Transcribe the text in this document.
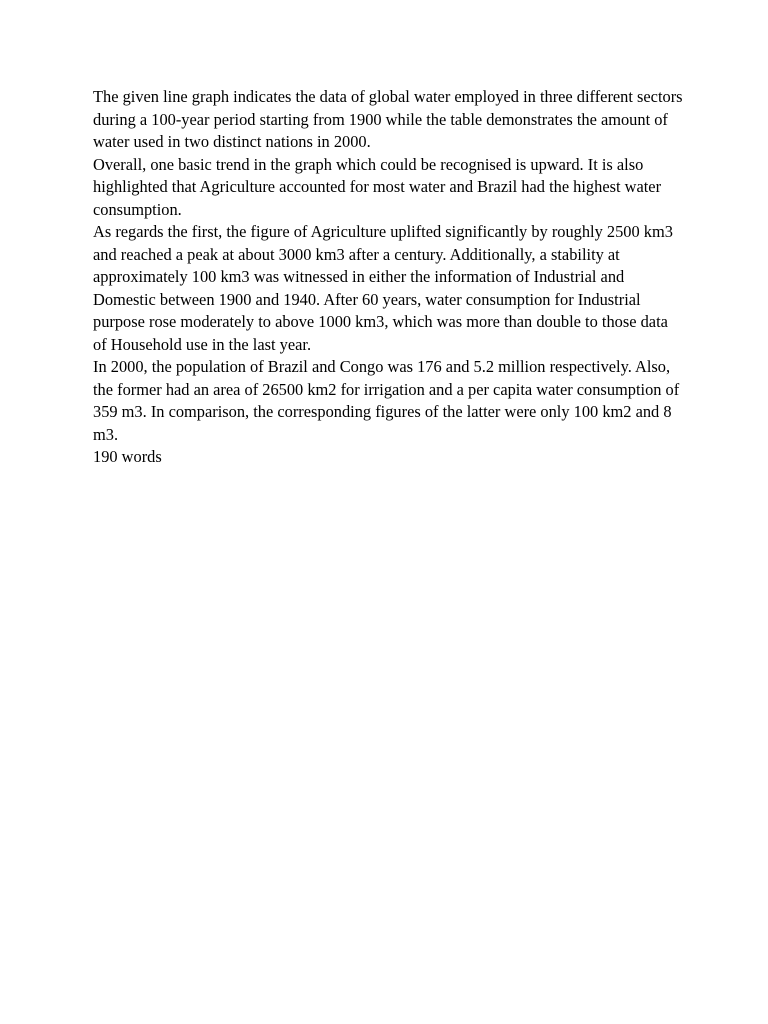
The given line graph indicates the data of global water employed in three different sectors during a 100-year period starting from 1900 while the table demonstrates the amount of water used in two distinct nations in 2000.

Overall, one basic trend in the graph which could be recognised is upward. It is also highlighted that Agriculture accounted for most water and Brazil had the highest water consumption.

As regards the first, the figure of Agriculture uplifted significantly by roughly 2500 km3 and reached a peak at about 3000 km3 after a century. Additionally, a stability at approximately 100 km3 was witnessed in either the information of Industrial and Domestic between 1900 and 1940. After 60 years, water consumption for Industrial purpose rose moderately to above 1000 km3, which was more than double to those data of Household use in the last year.

In 2000, the population of Brazil and Congo was 176 and 5.2 million respectively. Also, the former had an area of 26500 km2 for irrigation and a per capita water consumption of 359 m3. In comparison, the corresponding figures of the latter were only 100 km2 and 8 m3.

190 words
